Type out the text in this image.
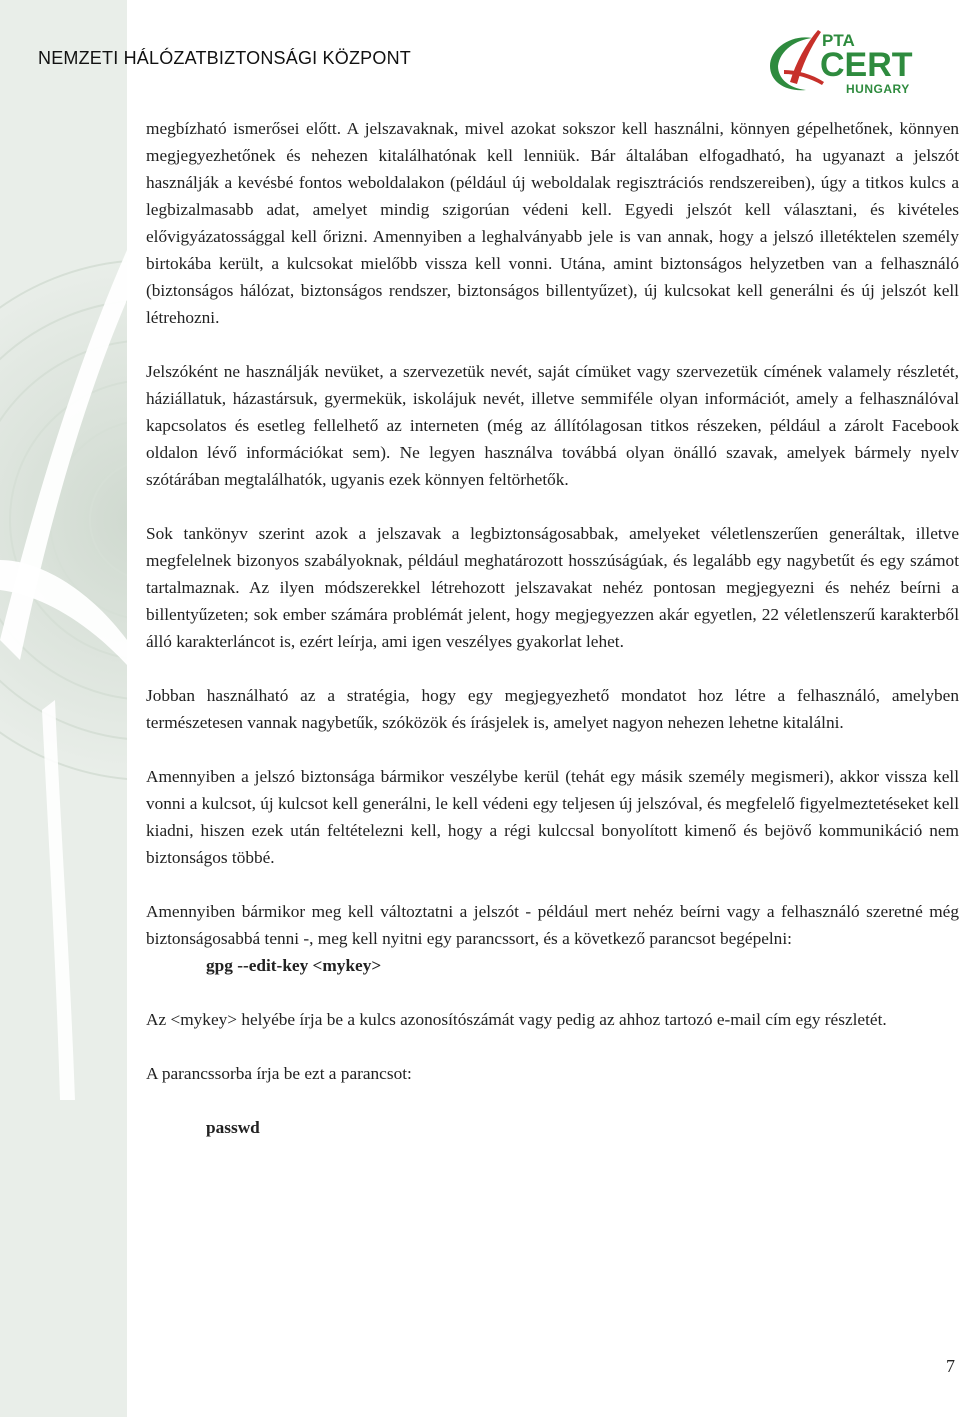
NEMZETI HÁLÓZATBIZTONSÁGI KÖZPONT
PTA
CERT
HUNGARY

megbízható ismerősei előtt. A jelszavaknak, mivel azokat sokszor kell használni, könnyen gépelhetőnek, könnyen megjegyezhetőnek és nehezen kitalálhatónak kell lenniük. Bár általában elfogadható, ha ugyanazt a jelszót használják a kevésbé fontos weboldalakon (például új weboldalak regisztrációs rendszereiben), úgy a titkos kulcs a legbizalmasabb adat, amelyet mindig szigorúan védeni kell. Egyedi jelszót kell választani, és kivételes elővigyázatossággal kell őrizni. Amennyiben a leghalványabb jele is van annak, hogy a jelszó illetéktelen személy birtokába került, a kulcsokat mielőbb vissza kell vonni. Utána, amint biztonságos helyzetben van a felhasználó (biztonságos hálózat, biztonságos rendszer, biztonságos billentyűzet), új kulcsokat kell generálni és új jelszót kell létrehozni.

Jelszóként ne használják nevüket, a szervezetük nevét, saját címüket vagy szervezetük címének valamely részletét, háziállatuk, házastársuk, gyermekük, iskolájuk nevét, illetve semmiféle olyan információt, amely a felhasználóval kapcsolatos és esetleg fellelhető az interneten (még az állítólagosan titkos részeken, például a zárolt Facebook oldalon lévő információkat sem). Ne legyen használva továbbá olyan önálló szavak, amelyek bármely nyelv szótárában megtalálhatók, ugyanis ezek könnyen feltörhetők.

Sok tankönyv szerint azok a jelszavak a legbiztonságosabbak, amelyeket véletlenszerűen generáltak, illetve megfelelnek bizonyos szabályoknak, például meghatározott hosszúságúak, és legalább egy nagybetűt és egy számot tartalmaznak. Az ilyen módszerekkel létrehozott jelszavakat nehéz pontosan megjegyezni és nehéz beírni a billentyűzeten; sok ember számára problémát jelent, hogy megjegyezzen akár egyetlen, 22 véletlenszerű karakterből álló karakterláncot is, ezért leírja, ami igen veszélyes gyakorlat lehet.

Jobban használható az a stratégia, hogy egy megjegyezhető mondatot hoz létre a felhasználó, amelyben természetesen vannak nagybetűk, szóközök és írásjelek is, amelyet nagyon nehezen lehetne kitalálni.

Amennyiben a jelszó biztonsága bármikor veszélybe kerül (tehát egy másik személy megismeri), akkor vissza kell vonni a kulcsot, új kulcsot kell generálni, le kell védeni egy teljesen új jelszóval, és megfelelő figyelmeztetéseket kell kiadni, hiszen ezek után feltételezni kell, hogy a régi kulccsal bonyolított kimenő és bejövő kommunikáció nem biztonságos többé.

Amennyiben bármikor meg kell változtatni a jelszót - például mert nehéz beírni vagy a felhasználó szeretné még biztonságosabbá tenni -, meg kell nyitni egy parancssort, és a következő parancsot begépelni:

gpg --edit-key <mykey>

Az <mykey> helyébe írja be a kulcs azonosítószámát vagy pedig az ahhoz tartozó e-mail cím egy részletét.

A parancssorba írja be ezt a parancsot:

passwd

7
